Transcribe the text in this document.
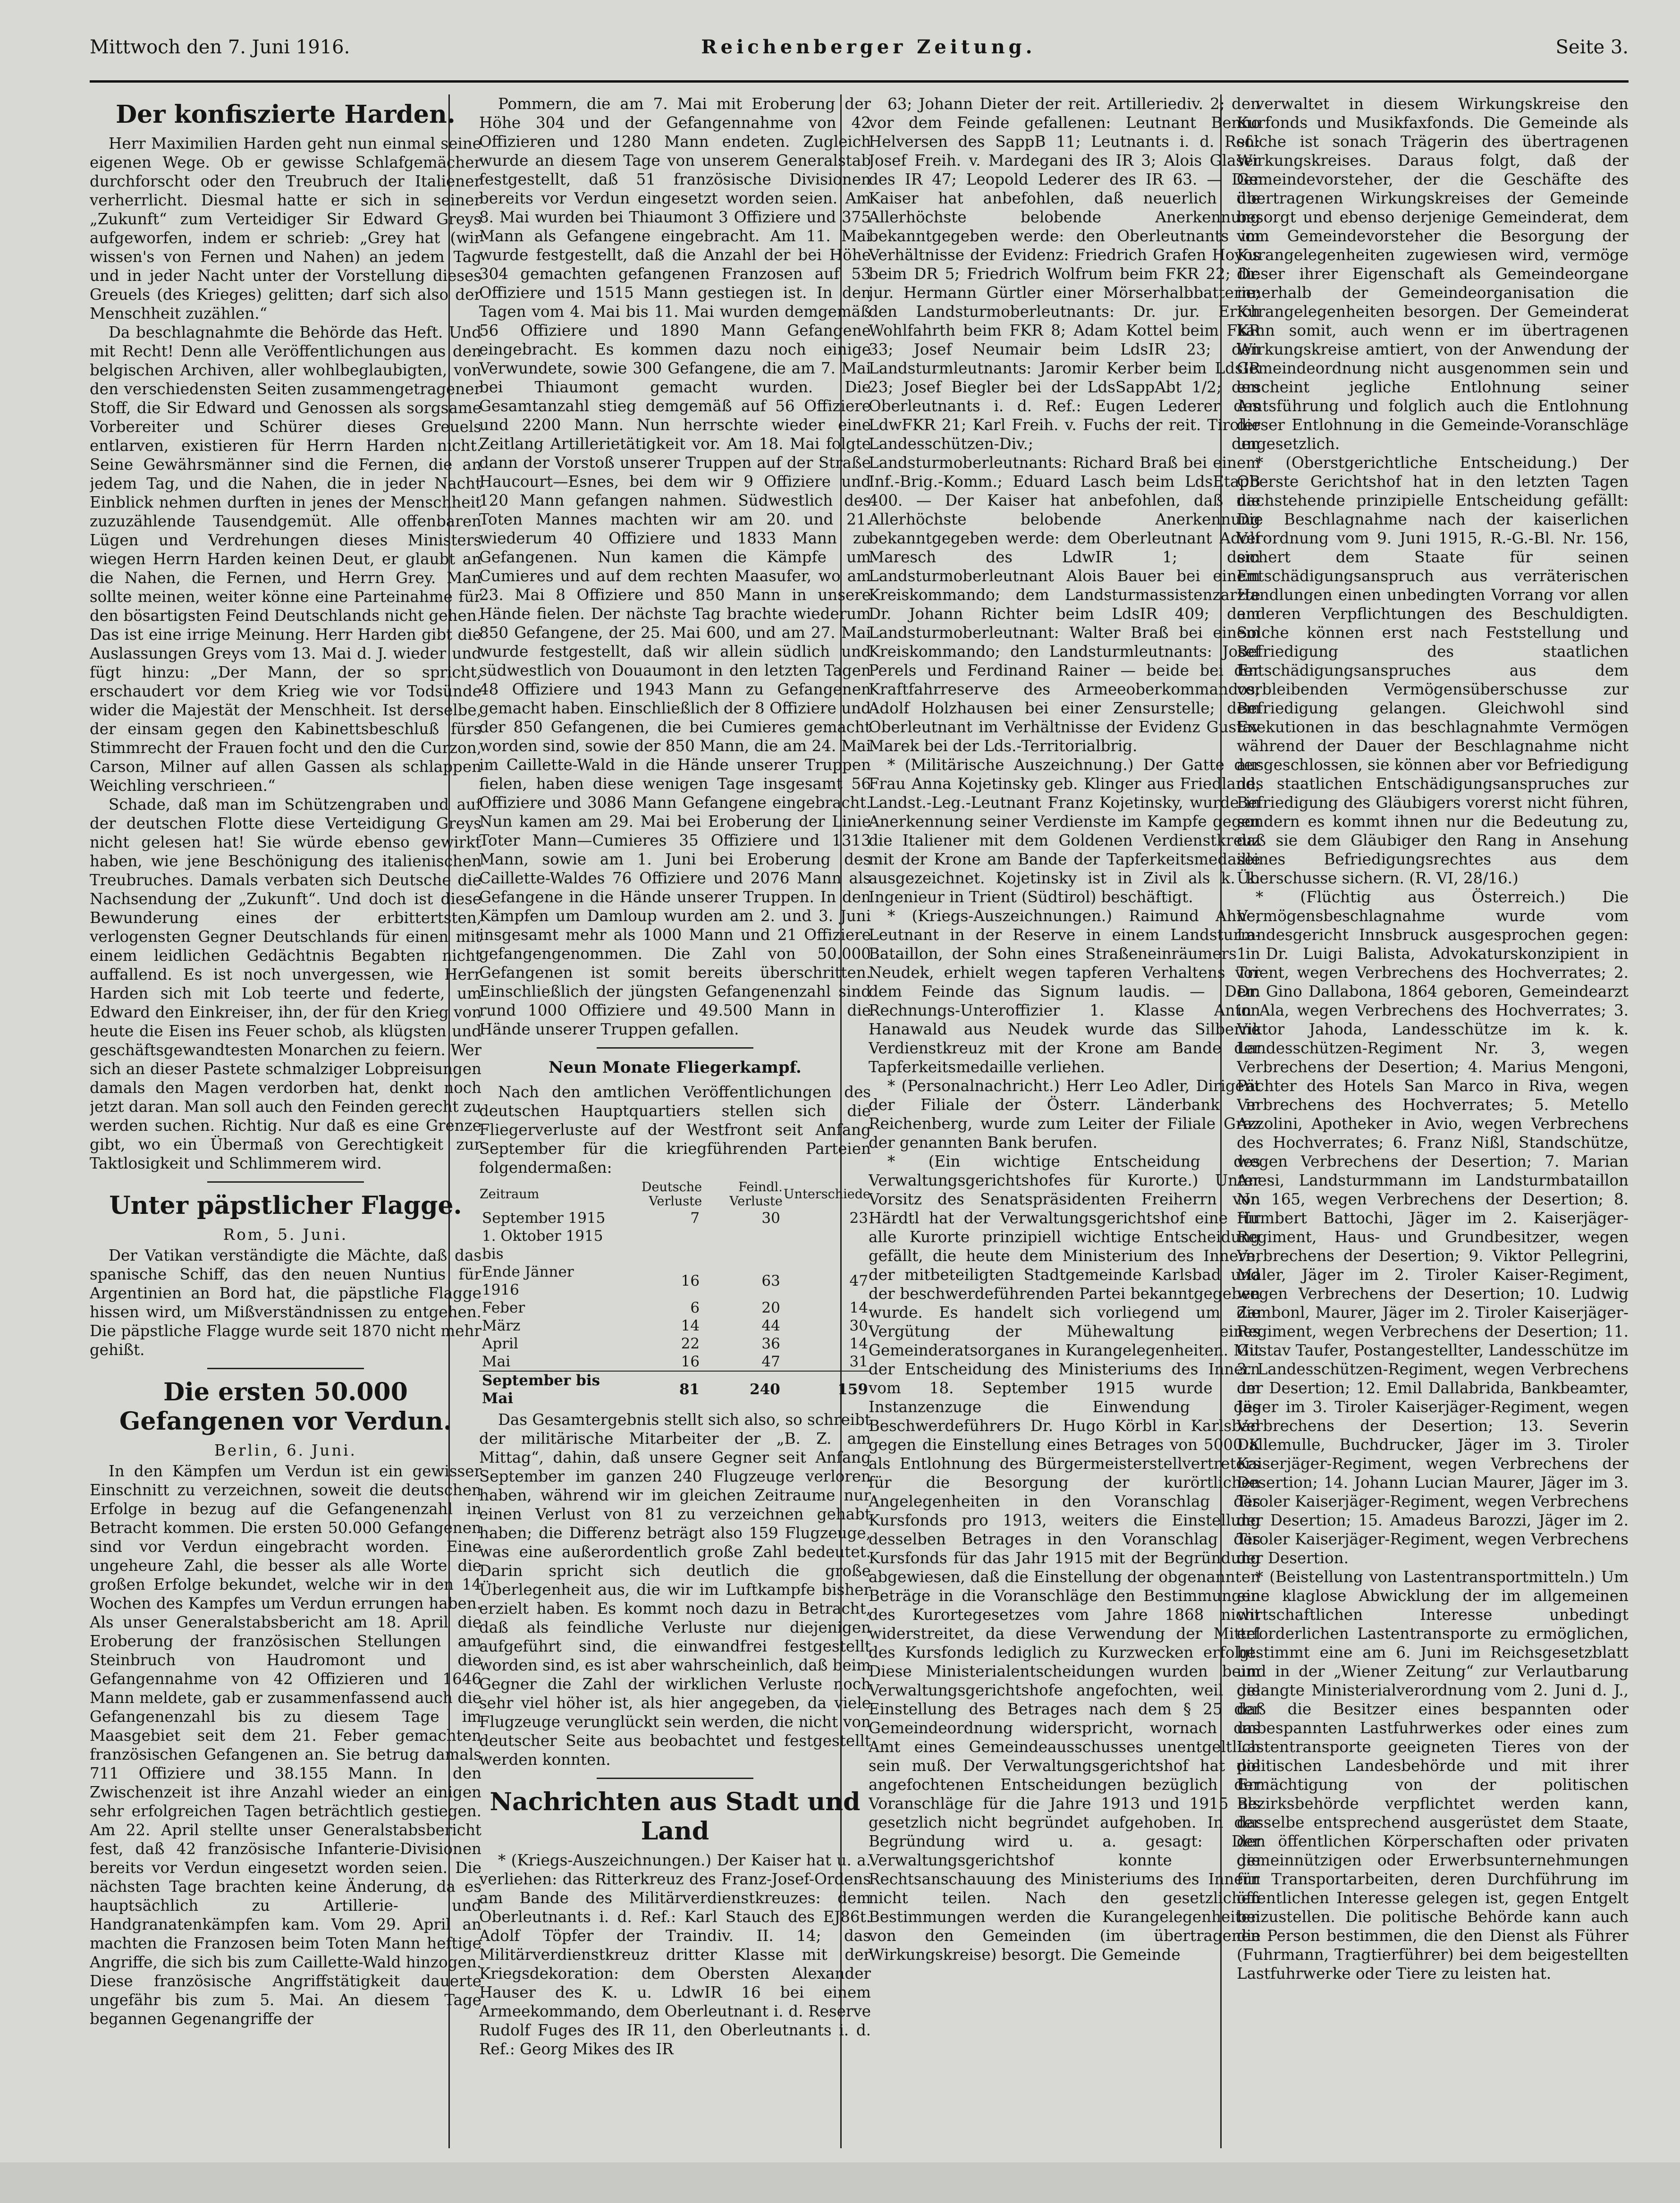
Mittwoch den 7. Juni 1916.	Reichenberger Zeitung.	Seite 3.
Der konfiszierte Harden.

Herr Maximilien Harden geht nun einmal seine eigenen Wege. Ob er gewisse Schlafgemächer durchforscht oder den Treubruch der Italiener verherrlicht. Diesmal hatte er sich in seiner „Zukunft“ zum Verteidiger Sir Edward Greys aufgeworfen, indem er schrieb: „Grey hat (wir wissen's von Fernen und Nahen) an jedem Tag und in jeder Nacht unter der Vorstellung dieses Greuels (des Krieges) gelitten; darf sich also der Menschheit zuzählen.“

Da beschlagnahmte die Behörde das Heft. Und mit Recht! Denn alle Veröffentlichungen aus den belgischen Archiven, aller wohlbeglaubigten, von den verschiedensten Seiten zusammengetragener Stoff, die Sir Edward und Genossen als sorgsame Vorbereiter und Schürer dieses Greuels entlarven, existieren für Herrn Harden nicht. Seine Gewährsmänner sind die Fernen, die an jedem Tag, und die Nahen, die in jeder Nacht Einblick nehmen durften in jenes der Menschheit zuzuzählende Tausendgemüt. Alle offenbaren Lügen und Verdrehungen dieses Ministers wiegen Herrn Harden keinen Deut, er glaubt an die Nahen, die Fernen, und Herrn Grey. Man sollte meinen, weiter könne eine Parteinahme für den bösartigsten Feind Deutschlands nicht gehen. Das ist eine irrige Meinung. Herr Harden gibt die Auslassungen Greys vom 13. Mai d. J. wieder und fügt hinzu: „Der Mann, der so spricht, erschaudert vor dem Krieg wie vor Todsünde wider die Majestät der Menschheit. Ist derselbe, der einsam gegen den Kabinettsbeschluß fürs Stimmrecht der Frauen focht und den die Curzon, Carson, Milner auf allen Gassen als schlappen Weichling verschrieen.“

Schade, daß man im Schützengraben und auf der deutschen Flotte diese Verteidigung Greys nicht gelesen hat! Sie würde ebenso gewirkt haben, wie jene Beschönigung des italienischen Treubruches. Damals verbaten sich Deutsche die Nachsendung der „Zukunft“. Und doch ist diese Bewunderung eines der erbittertsten, verlogensten Gegner Deutschlands für einen mit einem leidlichen Gedächtnis Begabten nicht auffallend. Es ist noch unvergessen, wie Herr Harden sich mit Lob teerte und federte, um Edward den Einkreiser, ihn, der für den Krieg von heute die Eisen ins Feuer schob, als klügsten und geschäftsgewandtesten Monarchen zu feiern. Wer sich an dieser Pastete schmalziger Lobpreisungen damals den Magen verdorben hat, denkt noch jetzt daran. Man soll auch den Feinden gerecht zu werden suchen. Richtig. Nur daß es eine Grenze gibt, wo ein Übermaß von Gerechtigkeit zur Taktlosigkeit und Schlimmerem wird.

Unter päpstlicher Flagge.
Rom, 5. Juni.

Der Vatikan verständigte die Mächte, daß das spanische Schiff, das den neuen Nuntius für Argentinien an Bord hat, die päpstliche Flagge hissen wird, um Mißverständnissen zu entgehen. Die päpstliche Flagge wurde seit 1870 nicht mehr gehißt.

Die ersten 50.000 Gefangenen vor Verdun.
Berlin, 6. Juni.

In den Kämpfen um Verdun ist ein gewisser Einschnitt zu verzeichnen, soweit die deutschen Erfolge in bezug auf die Gefangenenzahl in Betracht kommen. Die ersten 50.000 Gefangenen sind vor Verdun eingebracht worden. Eine ungeheure Zahl, die besser als alle Worte die großen Erfolge bekundet, welche wir in den 14 Wochen des Kampfes um Verdun errungen haben. Als unser Generalstabsbericht am 18. April die Eroberung der französischen Stellungen am Steinbruch von Haudromont und die Gefangennahme von 42 Offizieren und 1646 Mann meldete, gab er zusammenfassend auch die Gefangenenzahl bis zu diesem Tage im Maasgebiet seit dem 21. Feber gemachten französischen Gefangenen an. Sie betrug damals 711 Offiziere und 38.155 Mann. In den Zwischenzeit ist ihre Anzahl wieder an einigen sehr erfolgreichen Tagen beträchtlich gestiegen. Am 22. April stellte unser Generalstabsbericht fest, daß 42 französische Infanterie-Divisionen bereits vor Verdun eingesetzt worden seien. Die nächsten Tage brachten keine Änderung, da es hauptsächlich zu Artillerie- und Handgranatenkämpfen kam. Vom 29. April an machten die Franzosen beim Toten Mann heftige Angriffe, die sich bis zum Caillette-Wald hinzogen. Diese französische Angriffstätigkeit dauerte ungefähr bis zum 5. Mai. An diesem Tage begannen Gegenangriffe der

Pommern, die am 7. Mai mit Eroberung der Höhe 304 und der Gefangennahme von 42 Offizieren und 1280 Mann endeten. Zugleich wurde an diesem Tage von unserem Generalstab festgestellt, daß 51 französische Divisionen bereits vor Verdun eingesetzt worden seien. Am 8. Mai wurden bei Thiaumont 3 Offiziere und 375 Mann als Gefangene eingebracht. Am 11. Mai wurde festgestellt, daß die Anzahl der bei Höhe 304 gemachten gefangenen Franzosen auf 53 Offiziere und 1515 Mann gestiegen ist. In den Tagen vom 4. Mai bis 11. Mai wurden demgemäß 56 Offiziere und 1890 Mann Gefangene eingebracht. Es kommen dazu noch einige Verwundete, sowie 300 Gefangene, die am 7. Mai bei Thiaumont gemacht wurden. Die Gesamtanzahl stieg demgemäß auf 56 Offiziere und 2200 Mann. Nun herrschte wieder eine Zeitlang Artillerietätigkeit vor. Am 18. Mai folgte dann der Vorstoß unserer Truppen auf der Straße Haucourt—Esnes, bei dem wir 9 Offiziere und 120 Mann gefangen nahmen. Südwestlich des Toten Mannes machten wir am 20. und 21. wiederum 40 Offiziere und 1833 Mann zu Gefangenen. Nun kamen die Kämpfe um Cumieres und auf dem rechten Maasufer, wo am 23. Mai 8 Offiziere und 850 Mann in unsere Hände fielen. Der nächste Tag brachte wiederum 850 Gefangene, der 25. Mai 600, und am 27. Mai wurde festgestellt, daß wir allein südlich und südwestlich von Douaumont in den letzten Tagen 48 Offiziere und 1943 Mann zu Gefangenen gemacht haben. Einschließlich der 8 Offiziere und der 850 Gefangenen, die bei Cumieres gemacht worden sind, sowie der 850 Mann, die am 24. Mai im Caillette-Wald in die Hände unserer Truppen fielen, haben diese wenigen Tage insgesamt 56 Offiziere und 3086 Mann Gefangene eingebracht. Nun kamen am 29. Mai bei Eroberung der Linie Toter Mann—Cumieres 35 Offiziere und 1313 Mann, sowie am 1. Juni bei Eroberung des Caillette-Waldes 76 Offiziere und 2076 Mann als Gefangene in die Hände unserer Truppen. In den Kämpfen um Damloup wurden am 2. und 3. Juni insgesamt mehr als 1000 Mann und 21 Offiziere gefangengenommen. Die Zahl von 50.000 Gefangenen ist somit bereits überschritten. Einschließlich der jüngsten Gefangenenzahl sind rund 1000 Offiziere und 49.500 Mann in die Hände unserer Truppen gefallen.

Neun Monate Fliegerkampf.

Nach den amtlichen Veröffentlichungen des deutschen Hauptquartiers stellen sich die Fliegerverluste auf der Westfront seit Anfang September für die kriegführenden Parteien folgendermaßen:

Zeitraum	Deutsche Verluste	Feindl. Verluste	Unterschiede
September 1915	7	30	23
1. Oktober 1915 bis			
Ende Jänner 1916	16	63	47
Feber	6	20	14
März	14	44	30
April	22	36	14
Mai	16	47	31
September bis Mai	81	240	159

Das Gesamtergebnis stellt sich also, so schreibt der militärische Mitarbeiter der „B. Z. am Mittag“, dahin, daß unsere Gegner seit Anfang September im ganzen 240 Flugzeuge verloren haben, während wir im gleichen Zeitraume nur einen Verlust von 81 zu verzeichnen gehabt haben; die Differenz beträgt also 159 Flugzeuge, was eine außerordentlich große Zahl bedeutet. Darin spricht sich deutlich die große Überlegenheit aus, die wir im Luftkampfe bisher erzielt haben. Es kommt noch dazu in Betracht, daß als feindliche Verluste nur diejenigen aufgeführt sind, die einwandfrei festgestellt worden sind, es ist aber wahrscheinlich, daß beim Gegner die Zahl der wirklichen Verluste noch sehr viel höher ist, als hier angegeben, da viele Flugzeuge verunglückt sein werden, die nicht von deutscher Seite aus beobachtet und festgestellt werden konnten.

Nachrichten aus Stadt und Land

* (Kriegs-Auszeichnungen.) Der Kaiser hat u. a. verliehen: das Ritterkreuz des Franz-Josef-Ordens am Bande des Militärverdienstkreuzes: dem Oberleutnants i. d. Ref.: Karl Stauch des EJ86t. Adolf Töpfer der Traindiv. II. 14; das Militärverdienstkreuz dritter Klasse mit der Kriegsdekoration: dem Obersten Alexander Hauser des K. u. LdwIR 16 bei einem Armeekommando, dem Oberleutnant i. d. Reserve Rudolf Fuges des IR 11, den Oberleutnants i. d. Ref.: Georg Mikes des IR

63; Johann Dieter der reit. Artilleriediv. 2; den vor dem Feinde gefallenen: Leutnant Benno Helversen des SappB 11; Leutnants i. d. Ref.: Josef Freih. v. Mardegani des IR 3; Alois Glaser des IR 47; Leopold Lederer des IR 63. — Der Kaiser hat anbefohlen, daß neuerlich die Allerhöchste belobende Anerkennung bekanntgegeben werde: den Oberleutnants im Verhältnisse der Evidenz: Friedrich Grafen Hoyos beim DR 5; Friedrich Wolfrum beim FKR 22; Dr. jur. Hermann Gürtler einer Mörserhalbbatterie; den Landsturmoberleutnants: Dr. jur. Erich Wohlfahrth beim FKR 8; Adam Kottel beim FKR 33; Josef Neumair beim LdsIR 23; den Landsturmleutnants: Jaromir Kerber beim LdsIR 23; Josef Biegler bei der LdsSappAbt 1/2; den Oberleutnants i. d. Ref.: Eugen Lederer des LdwFKR 21; Karl Freih. v. Fuchs der reit. Tiroler Landesschützen-Div.; den Landsturmoberleutnants: Richard Braß bei einem Inf.-Brig.-Komm.; Eduard Lasch beim LdsEtapB 400. — Der Kaiser hat anbefohlen, daß die Allerhöchste belobende Anerkennung bekanntgegeben werde: dem Oberleutnant Adolf Maresch des LdwIR 1; dem Landsturmoberleutnant Alois Bauer bei einem Kreiskommando; dem Landsturmassistenzarzte Dr. Johann Richter beim LdsIR 409; dem Landsturmoberleutnant: Walter Braß bei einem Kreiskommando; den Landsturmleutnants: Josef Perels und Ferdinand Rainer — beide bei der Kraftfahrreserve des Armeeoberkommandos; Adolf Holzhausen bei einer Zensurstelle; dem Oberleutnant im Verhältnisse der Evidenz Gustav Marek bei der Lds.-Territorialbrig.

* (Militärische Auszeichnung.) Der Gatte der Frau Anna Kojetinsky geb. Klinger aus Friedland, Landst.-Leg.-Leutnant Franz Kojetinsky, wurde in Anerkennung seiner Verdienste im Kampfe gegen die Italiener mit dem Goldenen Verdienstkreuz mit der Krone am Bande der Tapferkeitsmedaille ausgezeichnet. Kojetinsky ist in Zivil als k. k. Ingenieur in Trient (Südtirol) beschäftigt.

* (Kriegs-Auszeichnungen.) Raimund Ahne, Leutnant in der Reserve in einem Landsturm-Bataillon, der Sohn eines Straßeneinräumers in Neudek, erhielt wegen tapferen Verhaltens vor dem Feinde das Signum laudis. — Dem Rechnungs-Unteroffizier 1. Klasse Anton Hanawald aus Neudek wurde das Silberne Verdienstkreuz mit der Krone am Bande der Tapferkeitsmedaille verliehen.

* (Personalnachricht.) Herr Leo Adler, Dirigent der Filiale der Österr. Länderbank in Reichenberg, wurde zum Leiter der Filiale Graz der genannten Bank berufen.

* (Ein wichtige Entscheidung des Verwaltungsgerichtshofes für Kurorte.) Unter Vorsitz des Senatspräsidenten Freiherrn von Härdtl hat der Verwaltungsgerichtshof eine für alle Kurorte prinzipiell wichtige Entscheidung gefällt, die heute dem Ministerium des Innern, der mitbeteiligten Stadtgemeinde Karlsbad und der beschwerdeführenden Partei bekanntgegeben wurde. Es handelt sich vorliegend um die Vergütung der Mühewaltung eines Gemeinderatsorganes in Kurangelegenheiten. Mit der Entscheidung des Ministeriums des Innern vom 18. September 1915 wurde im Instanzenzuge die Einwendung des Beschwerdeführers Dr. Hugo Körbl in Karlsbad gegen die Einstellung eines Betrages von 5000 K als Entlohnung des Bürgermeisterstellvertreters für die Besorgung der kurörtlichen Angelegenheiten in den Voranschlag des Kursfonds pro 1913, weiters die Einstellung desselben Betrages in den Voranschlag des Kursfonds für das Jahr 1915 mit der Begründung abgewiesen, daß die Einstellung der obgenannten Beträge in die Voranschläge den Bestimmungen des Kurortegesetzes vom Jahre 1868 nicht widerstreitet, da diese Verwendung der Mittel des Kursfonds lediglich zu Kurzwecken erfolgt. Diese Ministerialentscheidungen wurden beim Verwaltungsgerichtshofe angefochten, weil die Einstellung des Betrages nach dem § 25 der Gemeindeordnung widerspricht, wornach das Amt eines Gemeindeausschusses unentgeltlich sein muß. Der Verwaltungsgerichtshof hat die angefochtenen Entscheidungen bezüglich der Voranschläge für die Jahre 1913 und 1915 als gesetzlich nicht begründet aufgehoben. In der Begründung wird u. a. gesagt: Der Verwaltungsgerichtshof konnte die Rechtsanschauung des Ministeriums des Innern nicht teilen. Nach den gesetzlichen Bestimmungen werden die Kurangelegenheiten von den Gemeinden (im übertragenen Wirkungskreise) besorgt. Die Gemeinde

verwaltet in diesem Wirkungskreise den Kurfonds und Musikfaxfonds. Die Gemeinde als solche ist sonach Trägerin des übertragenen Wirkungskreises. Daraus folgt, daß der Gemeindevorsteher, der die Geschäfte des übertragenen Wirkungskreises der Gemeinde besorgt und ebenso derjenige Gemeinderat, dem vom Gemeindevorsteher die Besorgung der Kurangelegenheiten zugewiesen wird, vermöge dieser ihrer Eigenschaft als Gemeindeorgane innerhalb der Gemeindeorganisation die Kurangelegenheiten besorgen. Der Gemeinderat kann somit, auch wenn er im übertragenen Wirkungskreise amtiert, von der Anwendung der Gemeindeordnung nicht ausgenommen sein und erscheint jegliche Entlohnung seiner Amtsführung und folglich auch die Entlohnung dieser Entlohnung in die Gemeinde-Voranschläge ungesetzlich.

* (Oberstgerichtliche Entscheidung.) Der Oberste Gerichtshof hat in den letzten Tagen nachstehende prinzipielle Entscheidung gefällt: Die Beschlagnahme nach der kaiserlichen Verordnung vom 9. Juni 1915, R.-G.-Bl. Nr. 156, sichert dem Staate für seinen Entschädigungsanspruch aus verräterischen Handlungen einen unbedingten Vorrang vor allen anderen Verpflichtungen des Beschuldigten. Solche können erst nach Feststellung und Befriedigung des staatlichen Entschädigungsanspruches aus dem verbleibenden Vermögensüberschusse zur Befriedigung gelangen. Gleichwohl sind Exekutionen in das beschlagnahmte Vermögen während der Dauer der Beschlagnahme nicht ausgeschlossen, sie können aber vor Befriedigung des staatlichen Entschädigungsanspruches zur Befriedigung des Gläubigers vorerst nicht führen, sondern es kommt ihnen nur die Bedeutung zu, daß sie dem Gläubiger den Rang in Ansehung seines Befriedigungsrechtes aus dem Überschusse sichern. (R. VI, 28/16.)

* (Flüchtig aus Österreich.) Die Vermögensbeschlagnahme wurde vom Landesgericht Innsbruck ausgesprochen gegen: 1. Dr. Luigi Balista, Advokaturskonzipient in Trient, wegen Verbrechens des Hochverrates; 2. Dr. Gino Dallabona, 1864 geboren, Gemeindearzt in Ala, wegen Verbrechens des Hochverrates; 3. Viktor Jahoda, Landesschütze im k. k. Landesschützen-Regiment Nr. 3, wegen Verbrechens der Desertion; 4. Marius Mengoni, Pächter des Hotels San Marco in Riva, wegen Verbrechens des Hochverrates; 5. Metello Azzolini, Apotheker in Avio, wegen Verbrechens des Hochverrates; 6. Franz Nißl, Standschütze, wegen Verbrechens der Desertion; 7. Marian Anesi, Landsturmmann im Landsturmbataillon Nr. 165, wegen Verbrechens der Desertion; 8. Humbert Battochi, Jäger im 2. Kaiserjäger-Regiment, Haus- und Grundbesitzer, wegen Verbrechens der Desertion; 9. Viktor Pellegrini, Maler, Jäger im 2. Tiroler Kaiser-Regiment, wegen Verbrechens der Desertion; 10. Ludwig Zambonl, Maurer, Jäger im 2. Tiroler Kaiserjäger-Regiment, wegen Verbrechens der Desertion; 11. Gustav Taufer, Postangestellter, Landesschütze im 3. Landesschützen-Regiment, wegen Verbrechens der Desertion; 12. Emil Dallabrida, Bankbeamter, Jäger im 3. Tiroler Kaiserjäger-Regiment, wegen Verbrechens der Desertion; 13. Severin Dallemulle, Buchdrucker, Jäger im 3. Tiroler Kaiserjäger-Regiment, wegen Verbrechens der Desertion; 14. Johann Lucian Maurer, Jäger im 3. Tiroler Kaiserjäger-Regiment, wegen Verbrechens der Desertion; 15. Amadeus Barozzi, Jäger im 2. Tiroler Kaiserjäger-Regiment, wegen Verbrechens der Desertion.

* (Beistellung von Lastentransportmitteln.) Um eine klaglose Abwicklung der im allgemeinen wirtschaftlichen Interesse unbedingt erforderlichen Lastentransporte zu ermöglichen, bestimmt eine am 6. Juni im Reichsgesetzblatt und in der „Wiener Zeitung“ zur Verlautbarung gelangte Ministerialverordnung vom 2. Juni d. J., daß die Besitzer eines bespannten oder unbespannten Lastfuhrwerkes oder eines zum Lastentransporte geeigneten Tieres von der politischen Landesbehörde und mit ihrer Ermächtigung von der politischen Bezirksbehörde verpflichtet werden kann, dasselbe entsprechend ausgerüstet dem Staate, den öffentlichen Körperschaften oder privaten gemeinnützigen oder Erwerbsunternehmungen für Transportarbeiten, deren Durchführung im öffentlichen Interesse gelegen ist, gegen Entgelt beizustellen. Die politische Behörde kann auch die Person bestimmen, die den Dienst als Führer (Fuhrmann, Tragtierführer) bei dem beigestellten Lastfuhrwerke oder Tiere zu leisten hat.
